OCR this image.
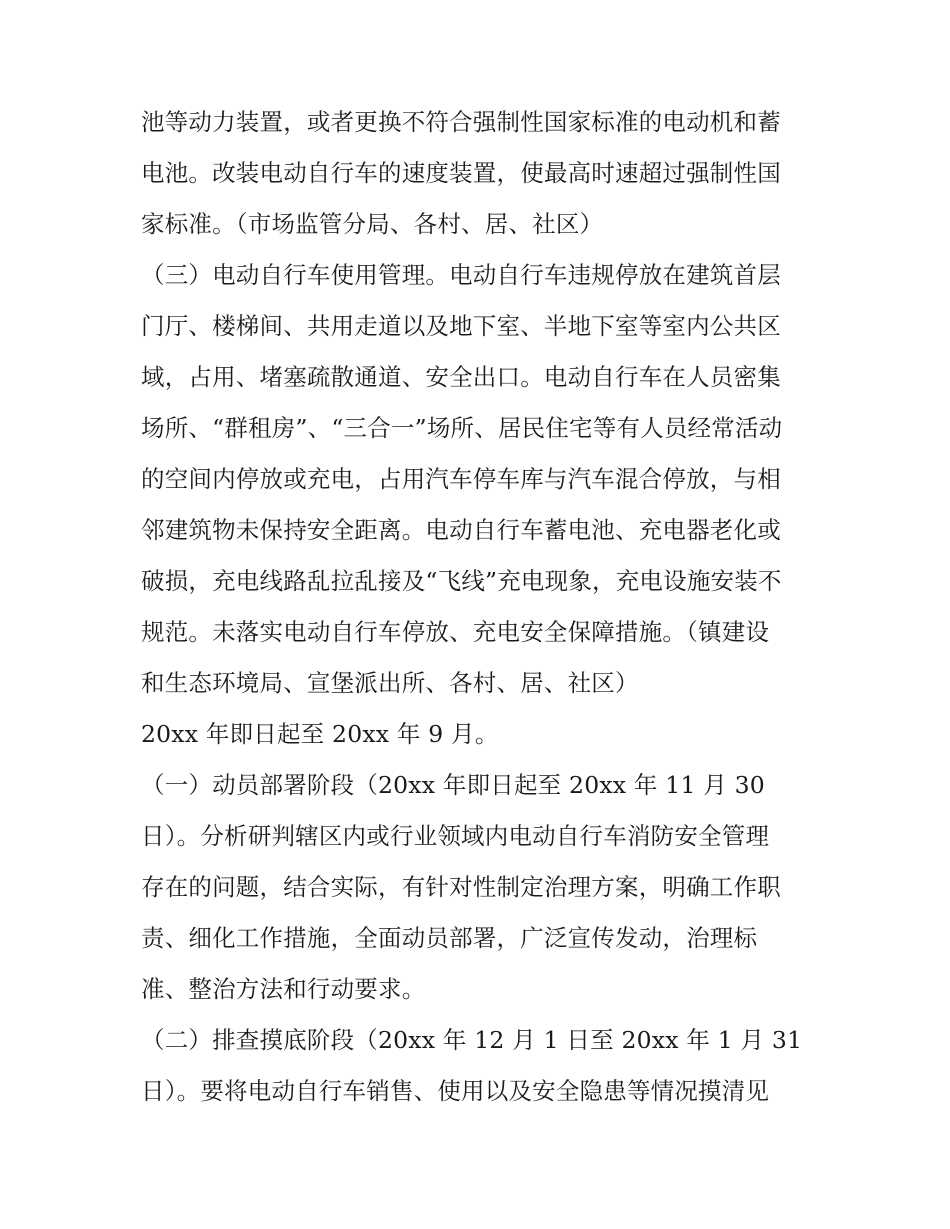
池等动力装置，或者更换不符合强制性国家标准的电动机和蓄
电池。改装电动自行车的速度装置，使最高时速超过强制性国
家标准。（市场监管分局、各村、居、社区）
（三）电动自行车使用管理。电动自行车违规停放在建筑首层
门厅、楼梯间、共用走道以及地下室、半地下室等室内公共区
域，占用、堵塞疏散通道、安全出口。电动自行车在人员密集
场所、“群租房”、“三合一”场所、居民住宅等有人员经常活动
的空间内停放或充电，占用汽车停车库与汽车混合停放，与相
邻建筑物未保持安全距离。电动自行车蓄电池、充电器老化或
破损，充电线路乱拉乱接及“飞线”充电现象，充电设施安装不
规范。未落实电动自行车停放、充电安全保障措施。（镇建设
和生态环境局、宣堡派出所、各村、居、社区）
20xx 年即日起至 20xx 年 9 月。
（一）动员部署阶段（20xx 年即日起至 20xx 年 11 月 30
日）。分析研判辖区内或行业领域内电动自行车消防安全管理
存在的问题，结合实际，有针对性制定治理方案，明确工作职
责、细化工作措施，全面动员部署，广泛宣传发动，治理标
准、整治方法和行动要求。
（二）排查摸底阶段（20xx 年 12 月 1 日至 20xx 年 1 月 31
日）。要将电动自行车销售、使用以及安全隐患等情况摸清见
